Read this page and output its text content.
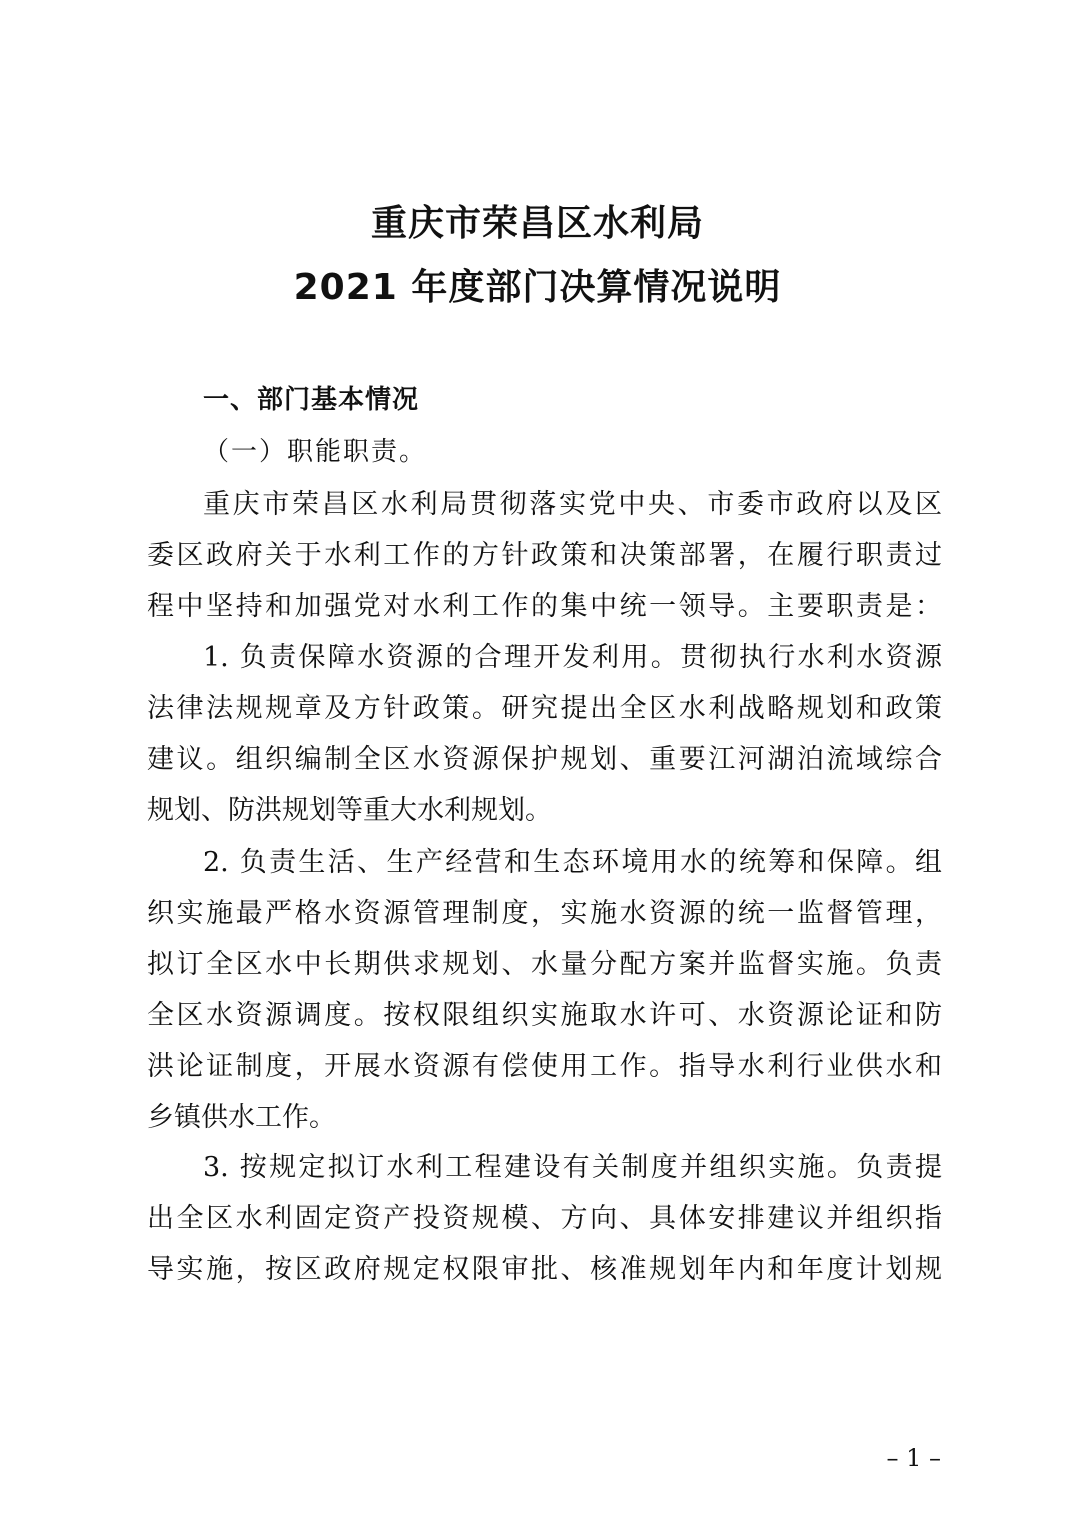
重庆市荣昌区水利局
2021 年度部门决算情况说明
一、部门基本情况
（一）职能职责。
重庆市荣昌区水利局贯彻落实党中央、市委市政府以及区
委区政府关于水利工作的方针政策和决策部署，在履行职责过
程中坚持和加强党对水利工作的集中统一领导。主要职责是：
1. 负责保障水资源的合理开发利用。贯彻执行水利水资源
法律法规规章及方针政策。研究提出全区水利战略规划和政策
建议。组织编制全区水资源保护规划、重要江河湖泊流域综合
规划、防洪规划等重大水利规划。
2. 负责生活、生产经营和生态环境用水的统筹和保障。组
织实施最严格水资源管理制度，实施水资源的统一监督管理，
拟订全区水中长期供求规划、水量分配方案并监督实施。负责
全区水资源调度。按权限组织实施取水许可、水资源论证和防
洪论证制度，开展水资源有偿使用工作。指导水利行业供水和
乡镇供水工作。
3. 按规定拟订水利工程建设有关制度并组织实施。负责提
出全区水利固定资产投资规模、方向、具体安排建议并组织指
导实施，按区政府规定权限审批、核准规划年内和年度计划规
– 1 –
